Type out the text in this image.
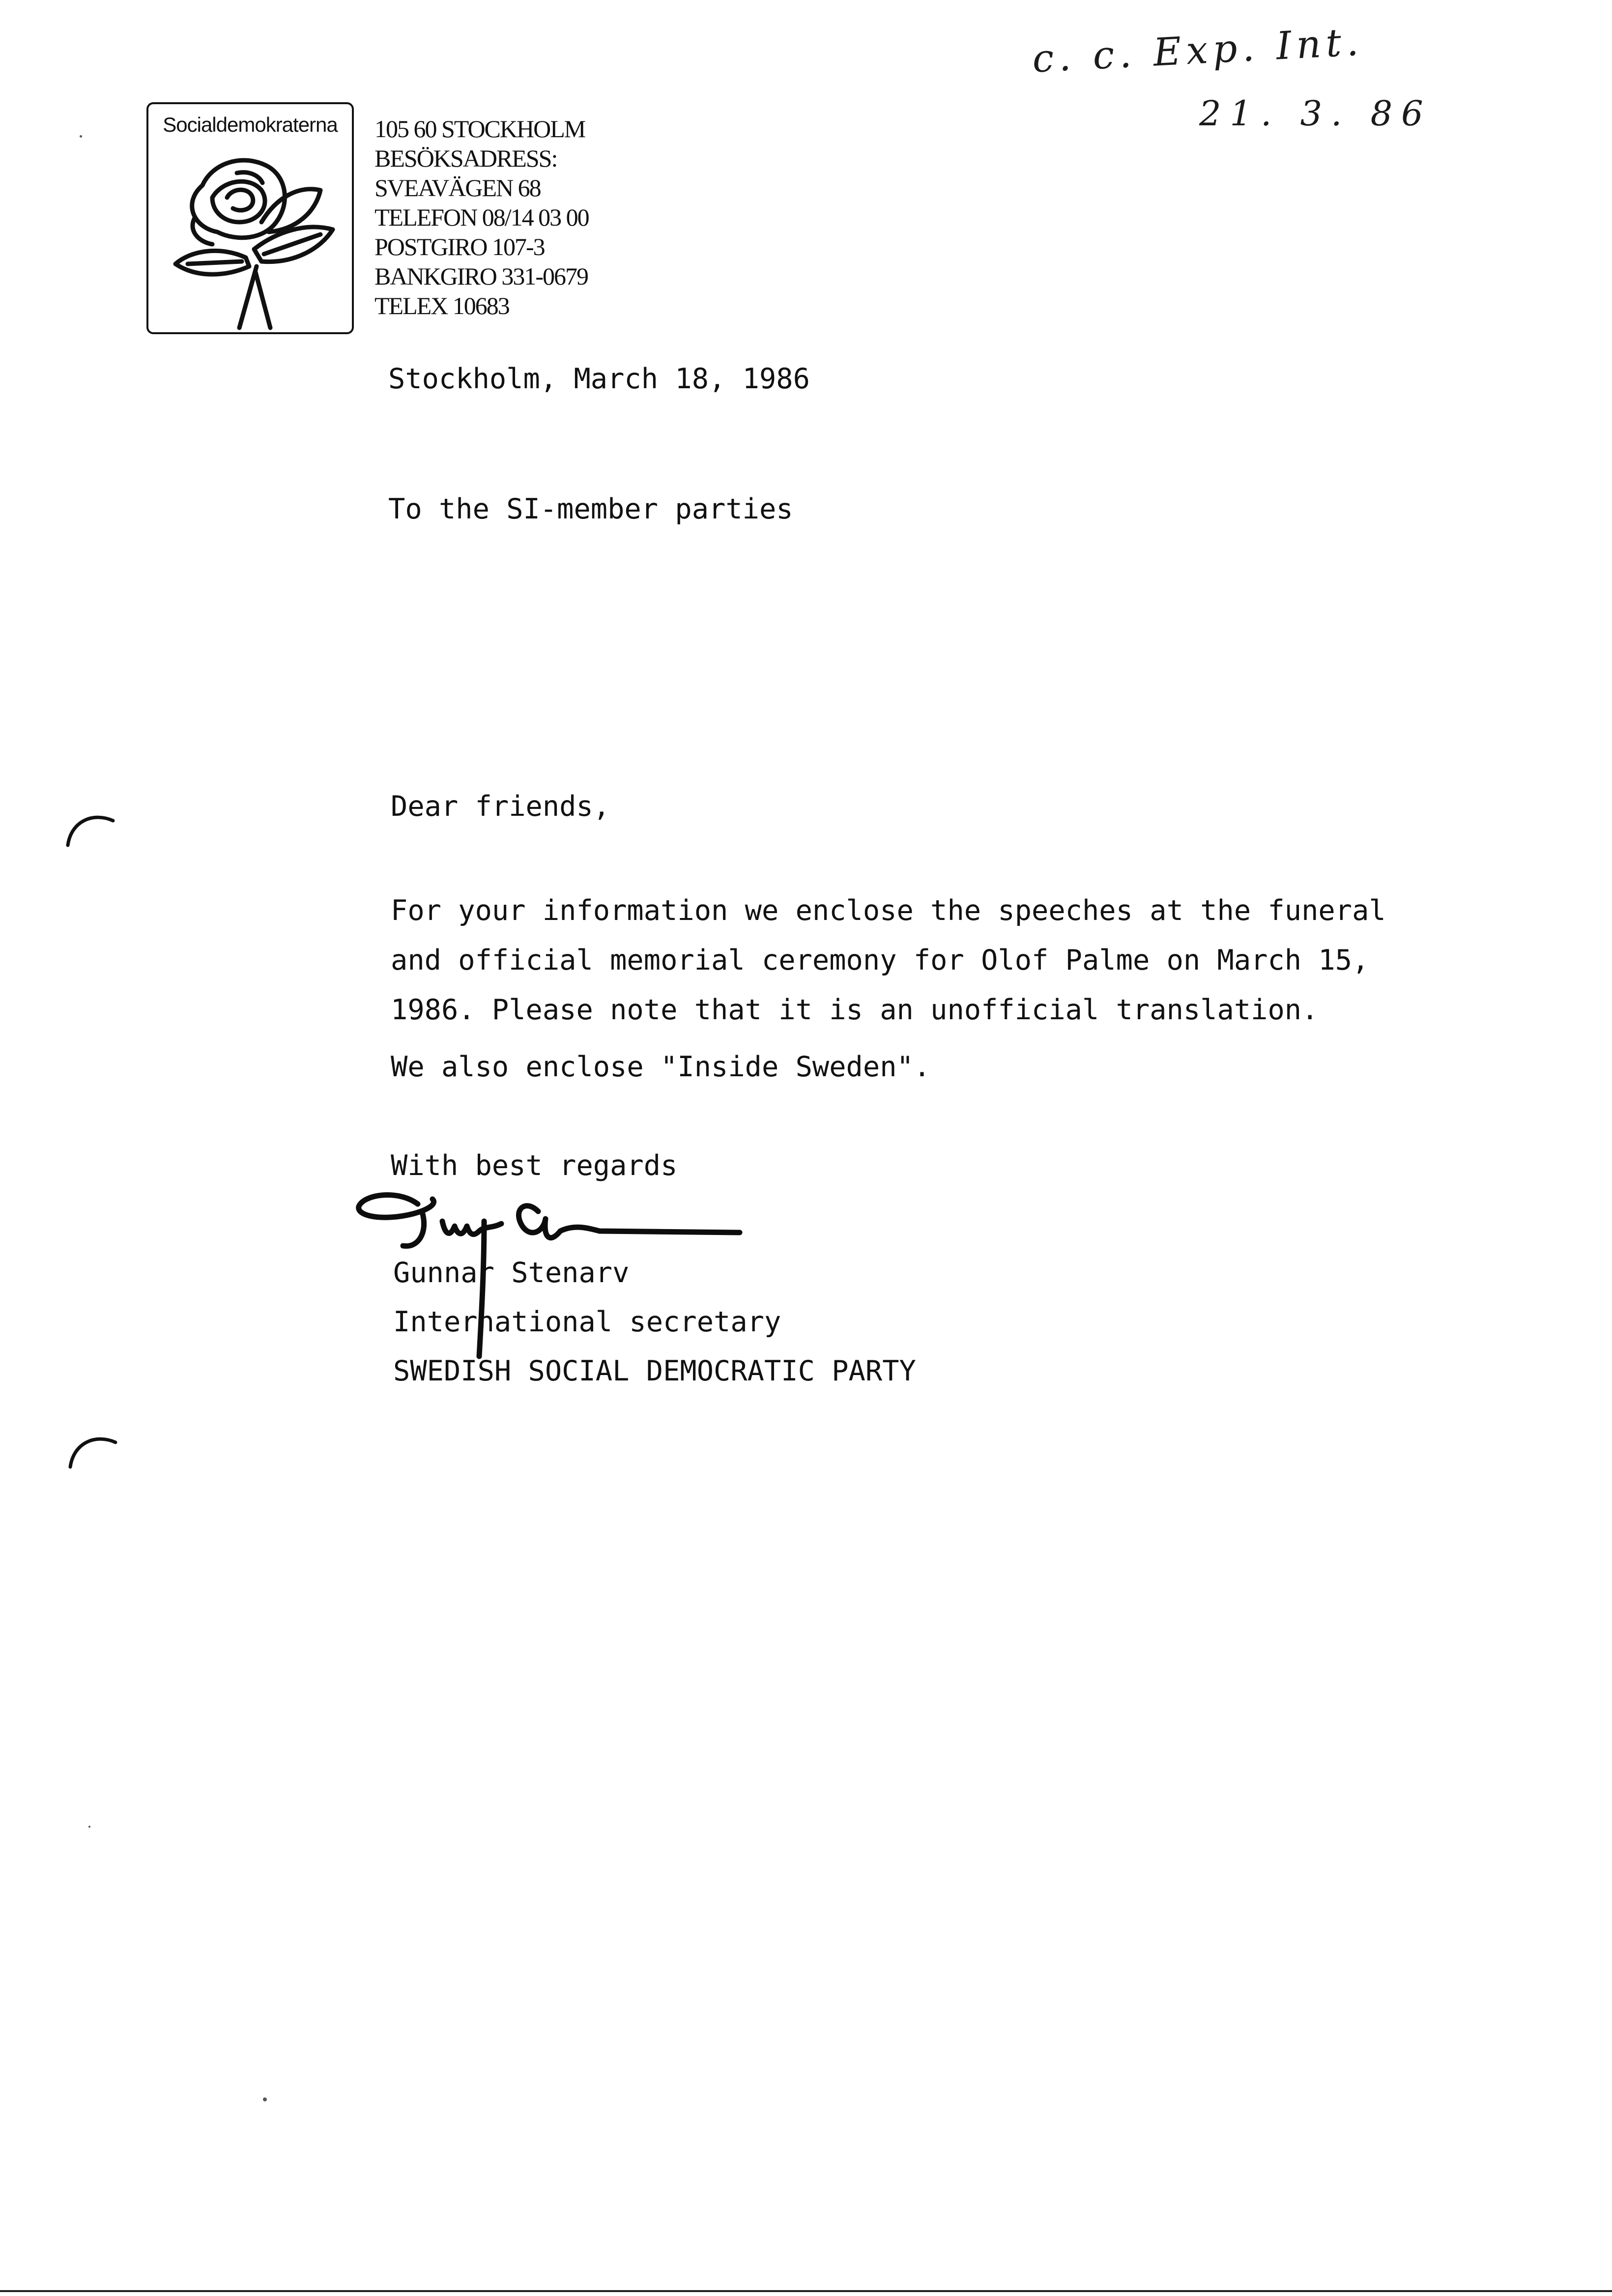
c. c. Exp. Int.
21. 3. 86
Socialdemokraterna	105 60 STOCKHOLM
BESÖKSADRESS:
SVEAVÄGEN 68
TELEFON 08/14 03 00
POSTGIRO 107-3
BANKGIRO 331-0679
TELEX 10683
Stockholm, March 18, 1986
To the SI-member parties
Dear friends,
For your information we enclose the speeches at the funeral
and official memorial ceremony for Olof Palme on March 15,
1986. Please note that it is an unofficial translation.
We also enclose "Inside Sweden".
With best regards
Gunnar Stenarv
International secretary
SWEDISH SOCIAL DEMOCRATIC PARTY
